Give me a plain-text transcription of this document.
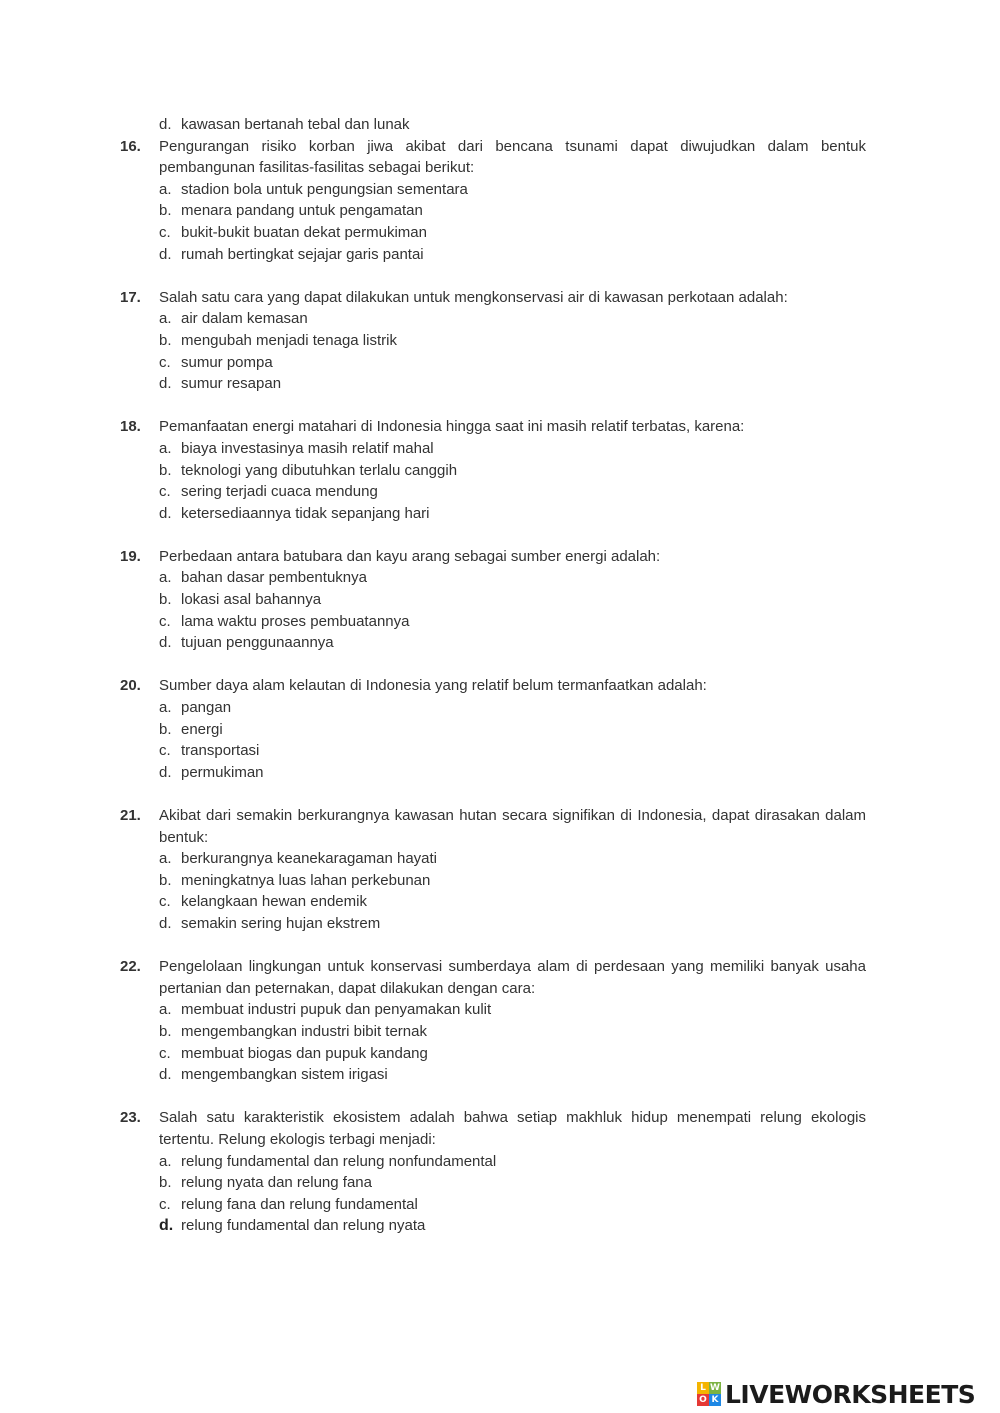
d. kawasan bertanah tebal dan lunak
16.	Pengurangan risiko korban jiwa akibat dari bencana tsunami dapat diwujudkan dalam bentuk pembangunan fasilitas-fasilitas sebagai berikut:
a. stadion bola untuk pengungsian sementara
b. menara pandang untuk pengamatan
c. bukit-bukit buatan dekat permukiman
d. rumah bertingkat sejajar garis pantai
17.	Salah satu cara yang dapat dilakukan untuk mengkonservasi air di kawasan perkotaan adalah:
a. air dalam kemasan
b. mengubah menjadi tenaga listrik
c. sumur pompa
d. sumur resapan
18.	Pemanfaatan energi matahari di Indonesia hingga saat ini masih relatif terbatas, karena:
a. biaya investasinya masih relatif mahal
b. teknologi yang dibutuhkan terlalu canggih
c. sering terjadi cuaca mendung
d. ketersediaannya tidak sepanjang hari
19.	Perbedaan antara batubara dan kayu arang sebagai sumber energi adalah:
a. bahan dasar pembentuknya
b. lokasi asal bahannya
c. lama waktu proses pembuatannya
d. tujuan penggunaannya
20.	Sumber daya alam kelautan di Indonesia yang relatif belum termanfaatkan adalah:
a. pangan
b. energi
c. transportasi
d. permukiman
21.	Akibat dari semakin berkurangnya kawasan hutan secara signifikan di Indonesia, dapat dirasakan dalam bentuk:
a. berkurangnya keanekaragaman hayati
b. meningkatnya luas lahan perkebunan
c. kelangkaan hewan endemik
d. semakin sering hujan ekstrem
22.	Pengelolaan lingkungan untuk konservasi sumberdaya alam di perdesaan yang memiliki banyak usaha pertanian dan peternakan, dapat dilakukan dengan cara:
a. membuat industri pupuk dan penyamakan kulit
b. mengembangkan industri bibit ternak
c. membuat biogas dan pupuk kandang
d. mengembangkan sistem irigasi
23.	Salah satu karakteristik ekosistem adalah bahwa setiap makhluk hidup menempati relung ekologis tertentu. Relung ekologis terbagi menjadi:
a. relung fundamental dan relung nonfundamental
b. relung nyata dan relung fana
c. relung fana dan relung fundamental
d. relung fundamental dan relung nyata
L W
O K LIVEWORKSHEETS
